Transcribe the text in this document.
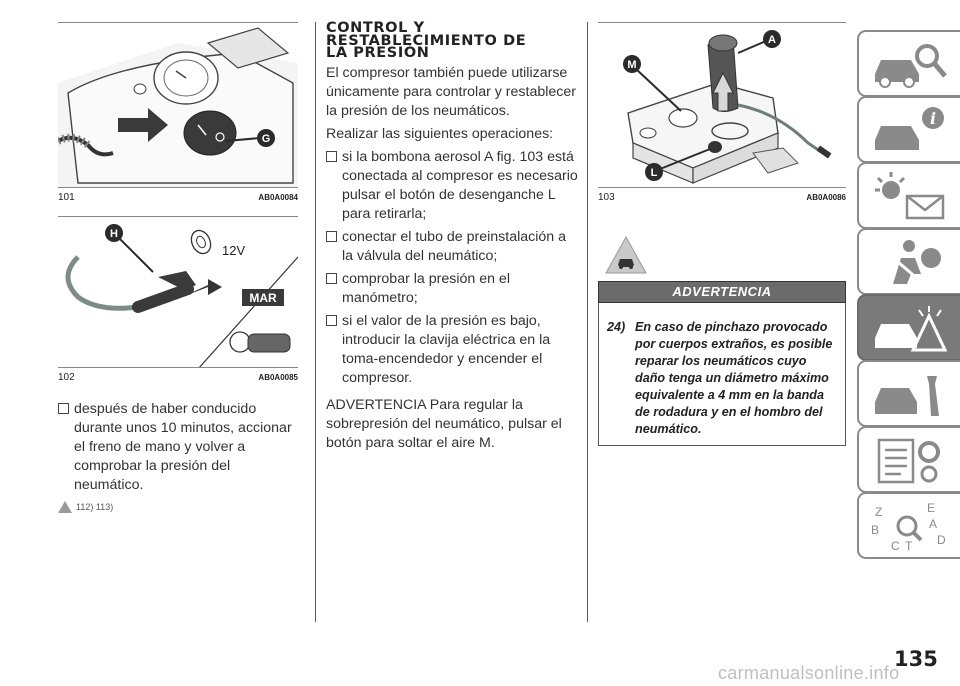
G
101	AB0A0084
12V
MAR
H
102	AB0A0085
después de haber conducido durante unos 10 minutos, accionar el freno de mano y volver a comprobar la presión del neumático.
112) 113)
CONTROL Y
RESTABLECIMIENTO DE
LA PRESIÓN
El compresor también puede utilizarse únicamente para controlar y restablecer la presión de los neumáticos.
Realizar las siguientes operaciones:
si la bombona aerosol A fig. 103 está conectada al compresor es necesario pulsar el botón de desenganche L para retirarla;
conectar el tubo de preinstalación a la válvula del neumático;
comprobar la presión en el manómetro;
si el valor de la presión es bajo, introducir la clavija eléctrica en la toma-encendedor y encender el compresor.
ADVERTENCIA Para regular la sobrepresión del neumático, pulsar el botón para soltar el aire M.
A
M
L
103	AB0A0086
ADVERTENCIA
24) En caso de pinchazo provocado por cuerpos extraños, es posible reparar los neumáticos cuyo daño tenga un diámetro máximo equivalente a 4 mm en la banda de rodadura y en el hombro del neumático.
i
Z	E
A
B
C	D
T
135
carmanualsonline.info
